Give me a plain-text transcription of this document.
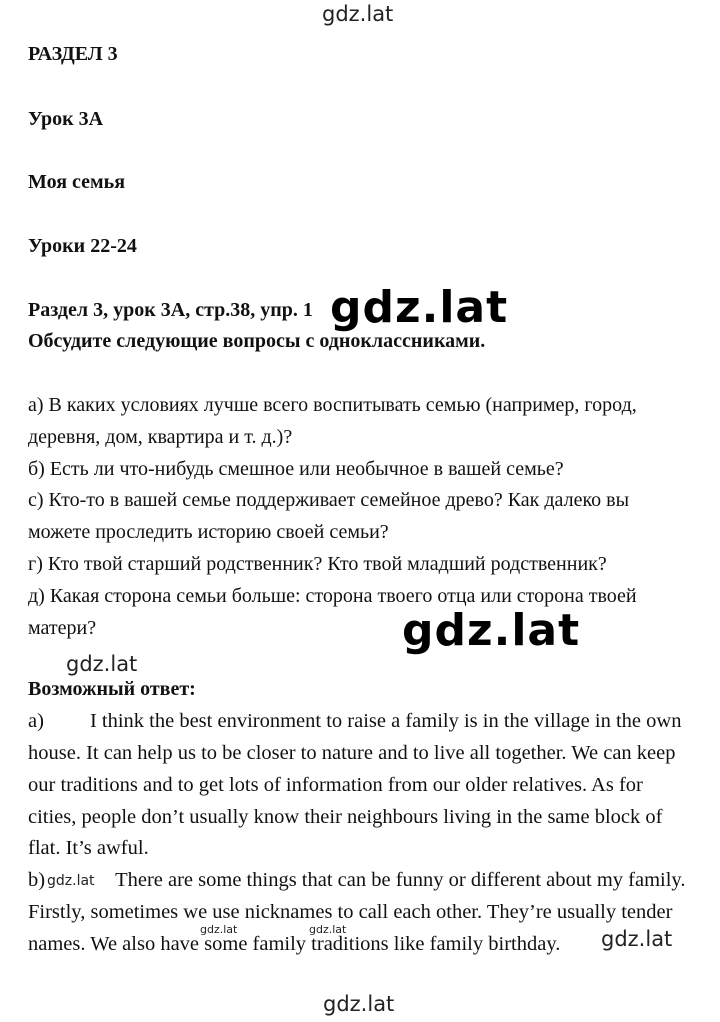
gdz.lat
gdz.lat
gdz.lat
gdz.lat
gdz.lat
gdz.lat
РАЗДЕЛ 3
Урок 3А
Моя семья
Уроки 22-24
Раздел 3, урок 3А, стр.38, упр. 1
Обсудите следующие вопросы с одноклассниками.
а) В каких условиях лучше всего воспитывать семью (например, город,
деревня, дом, квартира и т. д.)?
б) Есть ли что-нибудь смешное или необычное в вашей семье?
с) Кто-то в вашей семье поддерживает семейное древо? Как далеко вы
можете проследить историю своей семьи?
г) Кто твой старший родственник? Кто твой младший родственник?
д) Какая сторона семьи больше: сторона твоего отца или сторона твоей
матери?
Возможный ответ:
a) I think the best environment to raise a family is in the village in the own
house. It can help us to be closer to nature and to live all together. We can keep
our traditions and to get lots of information from our older relatives. As for
cities, people don’t usually know their neighbours living in the same block of
flat. It’s awful.
b)	There are some things that can be funny or different about my family.
gdz.lat
Firstly, sometimes we use nicknames to call each other. They’re usually tender
names. We also have some family traditions like family birthday.
gdz.lat	gdz.lat
